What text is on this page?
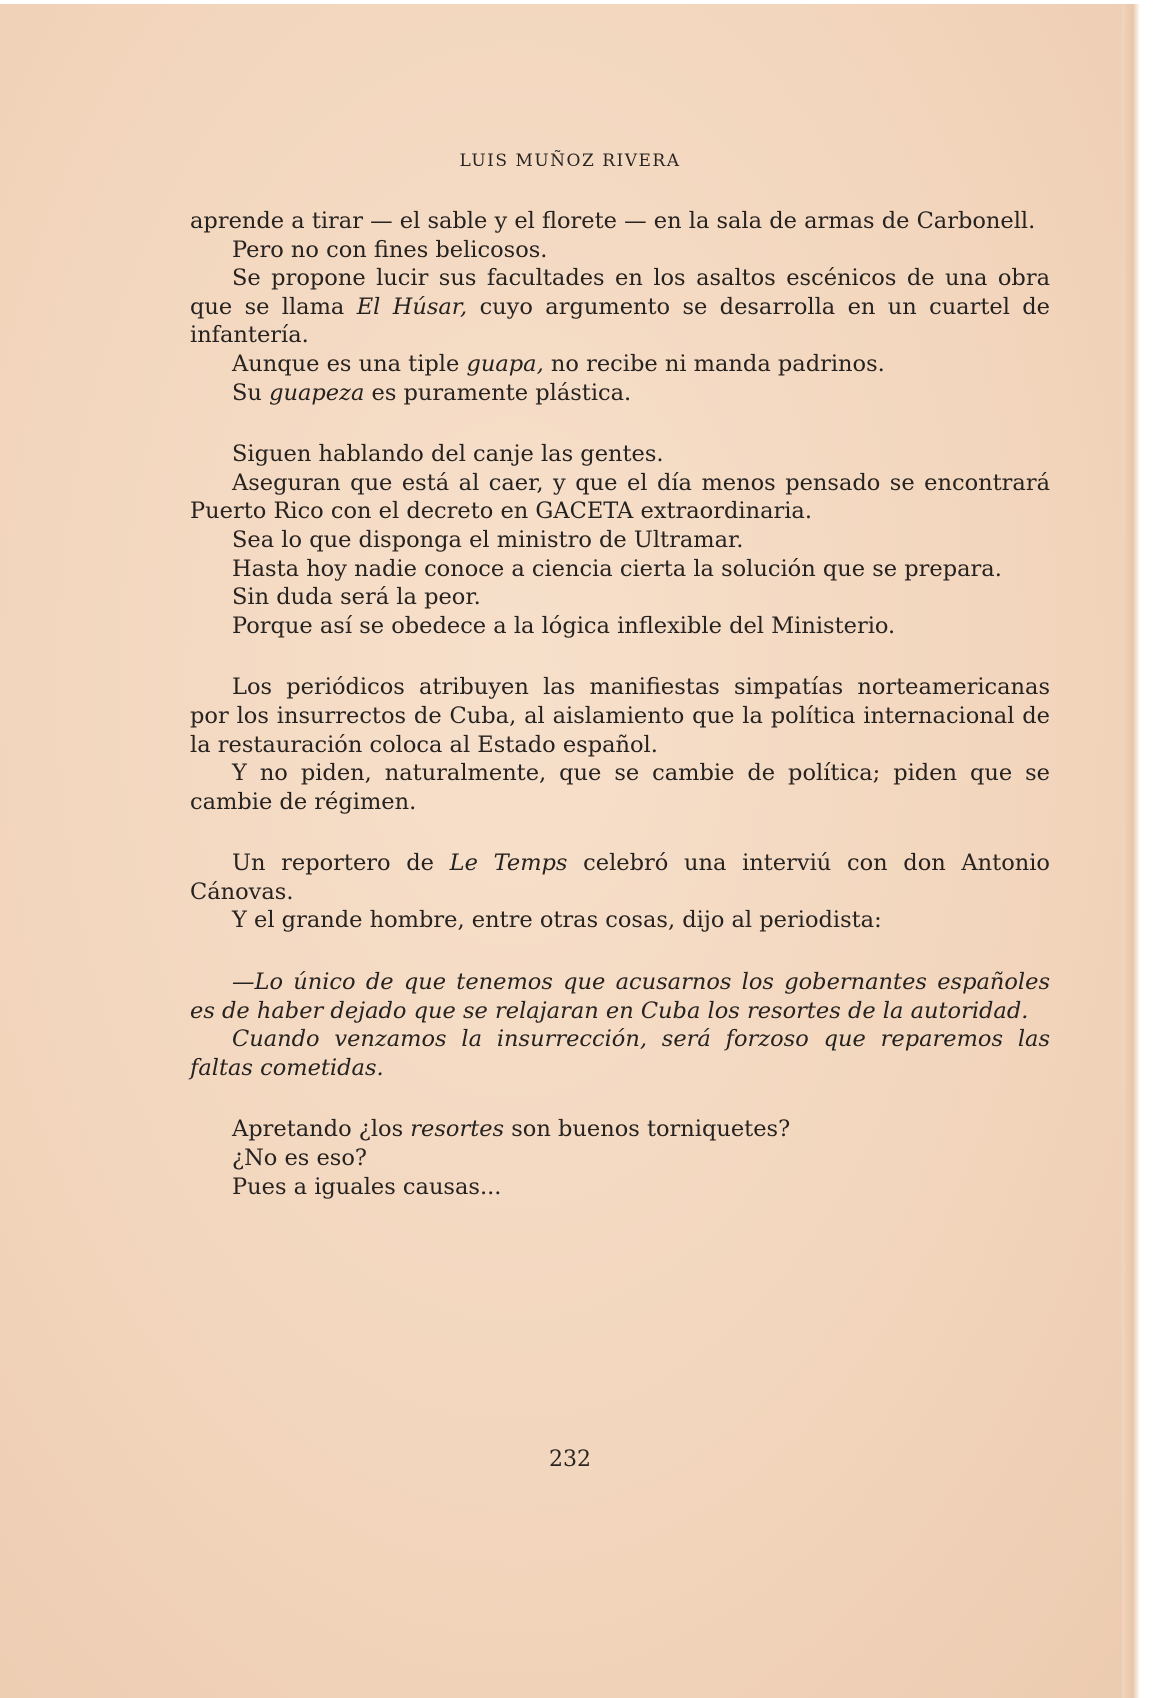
LUIS MUÑOZ RIVERA

aprende a tirar — el sable y el florete — en la sala de armas de Carbonell.

Pero no con fines belicosos.

Se propone lucir sus facultades en los asaltos escénicos de una obra que se llama El Húsar, cuyo argumento se desarrolla en un cuartel de infantería.

Aunque es una tiple guapa, no recibe ni manda padrinos.

Su guapeza es puramente plástica.

Siguen hablando del canje las gentes.

Aseguran que está al caer, y que el día menos pensado se encontrará Puerto Rico con el decreto en GACETA extraordinaria.

Sea lo que disponga el ministro de Ultramar.

Hasta hoy nadie conoce a ciencia cierta la solución que se prepara.

Sin duda será la peor.

Porque así se obedece a la lógica inflexible del Ministerio.

Los periódicos atribuyen las manifiestas simpatías norteamericanas por los insurrectos de Cuba, al aislamiento que la política internacional de la restauración coloca al Estado español.

Y no piden, naturalmente, que se cambie de política; piden que se cambie de régimen.

Un reportero de Le Temps celebró una interviú con don Antonio Cánovas.

Y el grande hombre, entre otras cosas, dijo al periodista:

—Lo único de que tenemos que acusarnos los gobernantes españoles es de haber dejado que se relajaran en Cuba los resortes de la autoridad.

Cuando venzamos la insurrección, será forzoso que reparemos las faltas cometidas.

Apretando ¿los resortes son buenos torniquetes?

¿No es eso?

Pues a iguales causas...

232
